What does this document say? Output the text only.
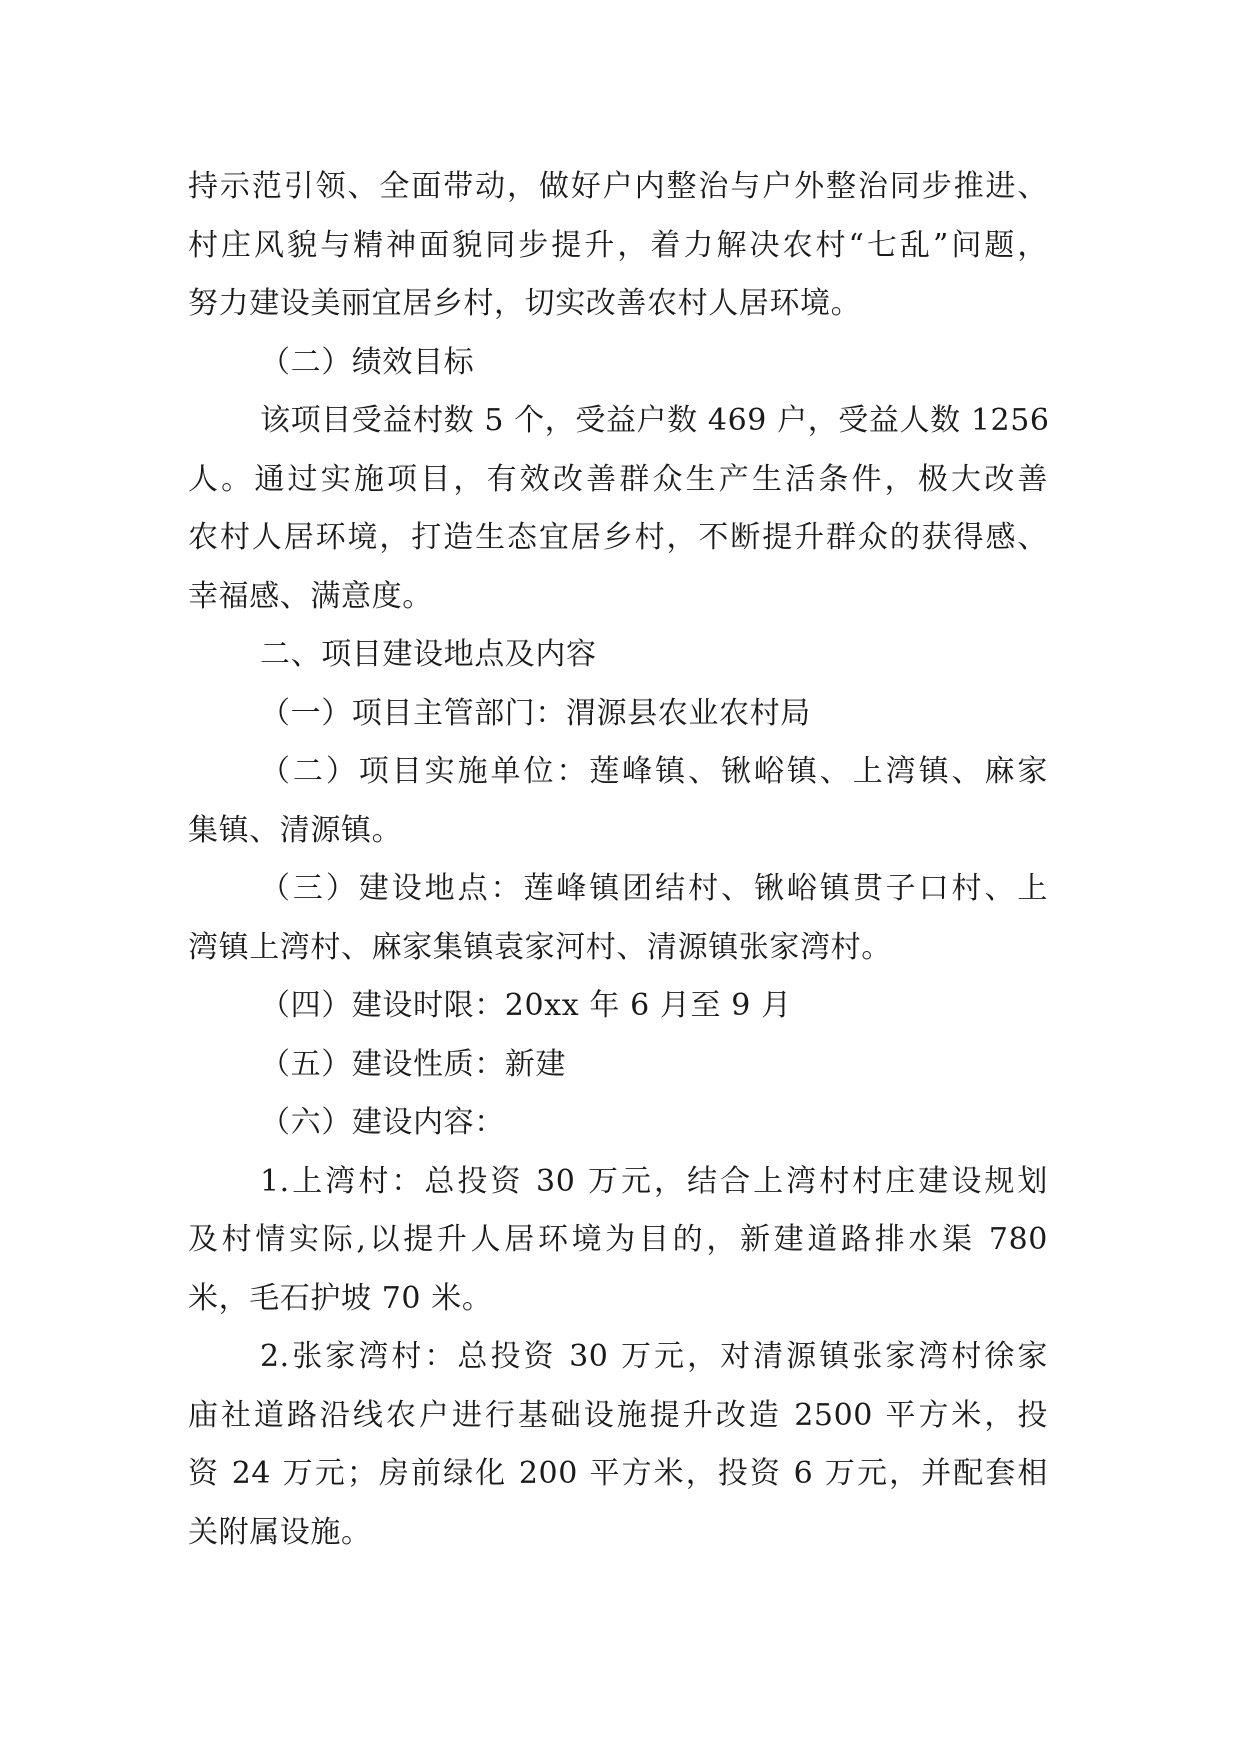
持示范引领、全面带动，做好户内整治与户外整治同步推进、
村庄风貌与精神面貌同步提升，着力解决农村“七乱”问题，
努力建设美丽宜居乡村，切实改善农村人居环境。
（二）绩效目标
该项目受益村数 5 个，受益户数 469 户，受益人数 1256
人。通过实施项目，有效改善群众生产生活条件，极大改善
农村人居环境，打造生态宜居乡村，不断提升群众的获得感、
幸福感、满意度。
二、项目建设地点及内容
（一）项目主管部门：渭源县农业农村局
（二）项目实施单位：莲峰镇、锹峪镇、上湾镇、麻家
集镇、清源镇。
（三）建设地点：莲峰镇团结村、锹峪镇贯子口村、上
湾镇上湾村、麻家集镇袁家河村、清源镇张家湾村。
（四）建设时限：20xx 年 6 月至 9 月
（五）建设性质：新建
（六）建设内容：
1.上湾村：总投资 30 万元，结合上湾村村庄建设规划
及村情实际,以提升人居环境为目的，新建道路排水渠 780
米，毛石护坡 70 米。
2.张家湾村：总投资 30 万元，对清源镇张家湾村徐家
庙社道路沿线农户进行基础设施提升改造 2500 平方米，投
资 24 万元；房前绿化 200 平方米，投资 6 万元，并配套相
关附属设施。
